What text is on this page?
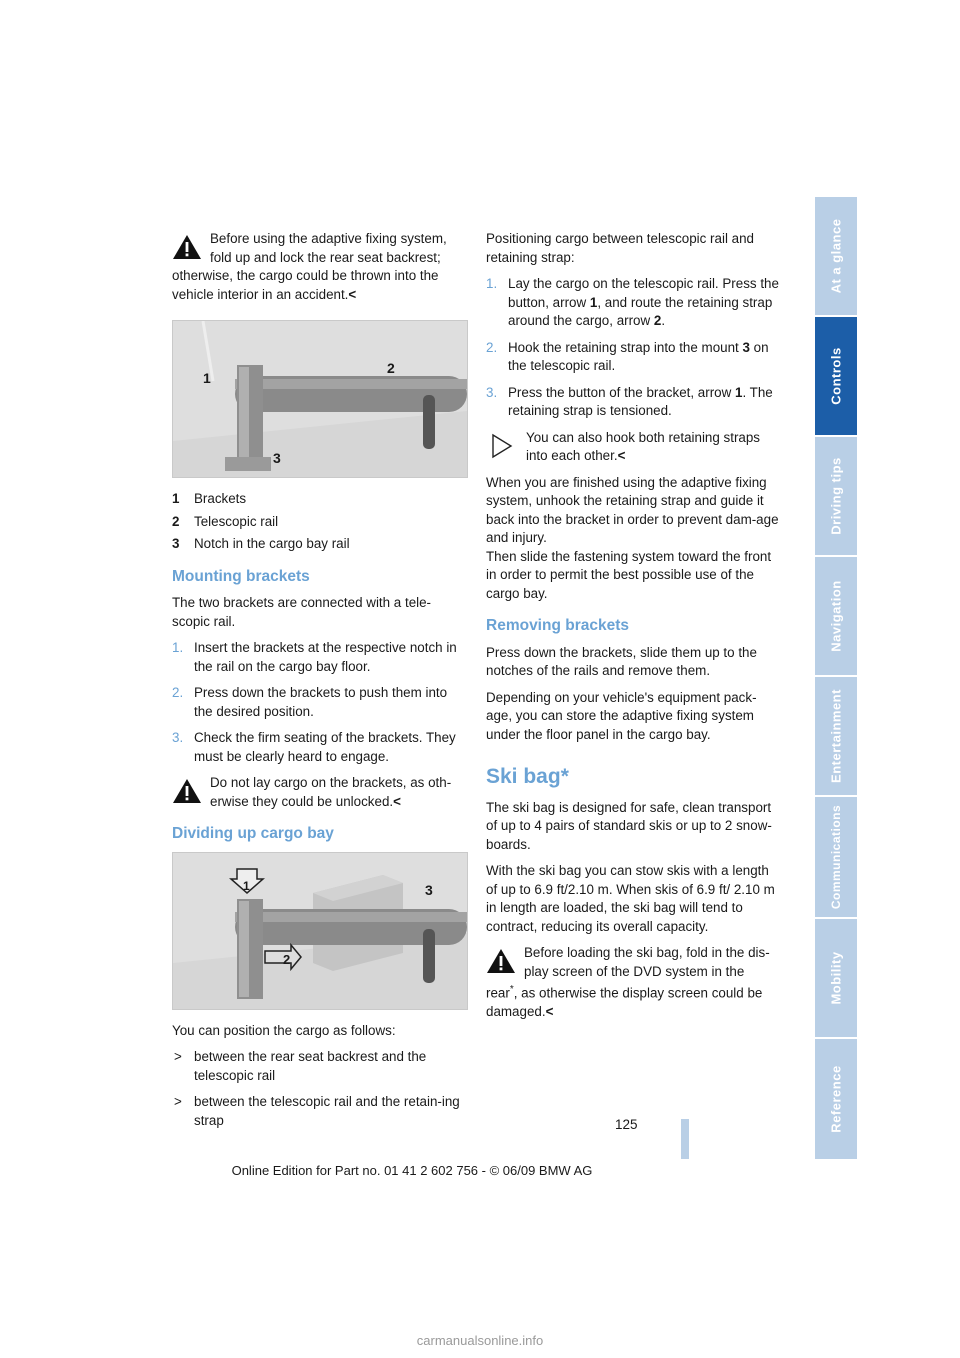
Before using the adaptive fixing system,
fold up and lock the rear seat backrest;
otherwise, the cargo could be thrown into the vehicle interior in an accident.<
1
2
3
1 Brackets
2 Telescopic rail
3 Notch in the cargo bay rail
Mounting brackets

The two brackets are connected with a tele-scopic rail.

1. Insert the brackets at the respective notch in the rail on the cargo bay floor.
2. Press down the brackets to push them into the desired position.
3. Check the firm seating of the brackets. They must be clearly heard to engage.
Do not lay cargo on the brackets, as oth-
erwise they could be unlocked.<
Dividing up cargo bay
1
2
3

You can position the cargo as follows:

> between the rear seat backrest and the telescopic rail
> between the telescopic rail and the retain-ing strap

Positioning cargo between telescopic rail and retaining strap:

1. Lay the cargo on the telescopic rail. Press the button, arrow 1, and route the retaining strap around the cargo, arrow 2.
2. Hook the retaining strap into the mount 3 on the telescopic rail.
3. Press the button of the bracket, arrow 1. The retaining strap is tensioned.
You can also hook both retaining straps
into each other.<

When you are finished using the adaptive fixing system, unhook the retaining strap and guide it back into the bracket in order to prevent dam-age and injury.

Then slide the fastening system toward the front in order to permit the best possible use of the cargo bay.

Removing brackets

Press down the brackets, slide them up to the notches of the rails and remove them.

Depending on your vehicle's equipment pack-age, you can store the adaptive fixing system under the floor panel in the cargo bay.

Ski bag*

The ski bag is designed for safe, clean transport of up to 4 pairs of standard skis or up to 2 snow-boards.

With the ski bag you can stow skis with a length of up to 6.9 ft/2.10 m. When skis of 6.9 ft/ 2.10 m in length are loaded, the ski bag will tend to contract, reducing its overall capacity.

Before loading the ski bag, fold in the dis-
play screen of the DVD system in the
rear*, as otherwise the display screen could be damaged.<
At a glance
Controls
Driving tips
Navigation
Entertainment
Communications
Mobility
Reference
125
Online Edition for Part no. 01 41 2 602 756 - © 06/09 BMW AG
carmanualsonline.info
